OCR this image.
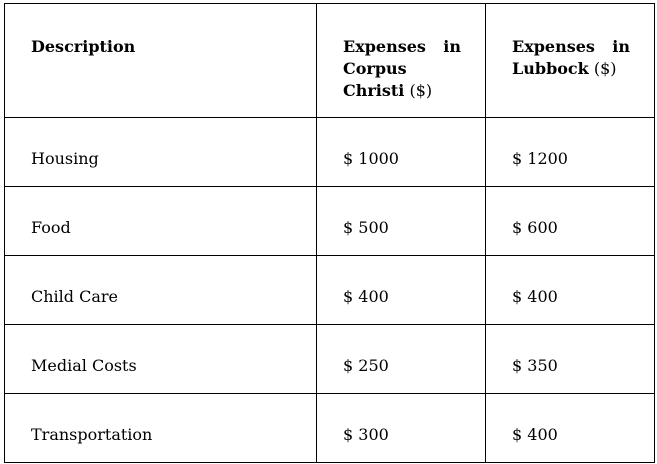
Description	Expenses in Corpus Christi ($)	Expenses in Lubbock ($)
Housing	$ 1000	$ 1200
Food	$ 500	$ 600
Child Care	$ 400	$ 400
Medial Costs	$ 250	$ 350
Transportation	$ 300	$ 400
